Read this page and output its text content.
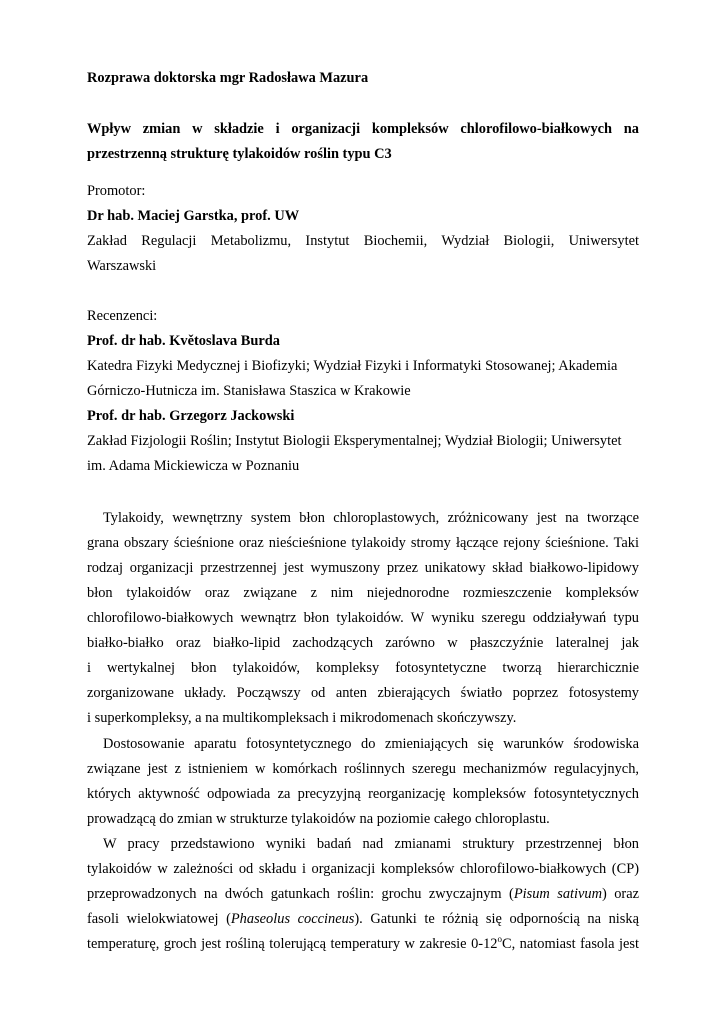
Rozprawa doktorska mgr Radosława Mazura
Wpływ zmian w składzie i organizacji kompleksów chlorofilowo-białkowych na
przestrzenną strukturę tylakoidów roślin typu C3
Promotor:
Dr hab. Maciej Garstka, prof. UW
Zakład Regulacji Metabolizmu, Instytut Biochemii, Wydział Biologii, Uniwersytet
Warszawski
Recenzenci:
Prof. dr hab. Květoslava Burda
Katedra Fizyki Medycznej i Biofizyki; Wydział Fizyki i Informatyki Stosowanej; Akademia
Górniczo-Hutnicza im. Stanisława Staszica w Krakowie
Prof. dr hab. Grzegorz Jackowski
Zakład Fizjologii Roślin; Instytut Biologii Eksperymentalnej; Wydział Biologii; Uniwersytet
im. Adama Mickiewicza w Poznaniu
Tylakoidy, wewnętrzny system błon chloroplastowych, zróżnicowany jest na tworzące
grana obszary ścieśnione oraz nieścieśnione tylakoidy stromy łączące rejony ścieśnione. Taki
rodzaj organizacji przestrzennej jest wymuszony przez unikatowy skład białkowo-lipidowy
błon tylakoidów oraz związane z nim niejednorodne rozmieszczenie kompleksów
chlorofilowo-białkowych wewnątrz błon tylakoidów. W wyniku szeregu oddziaływań typu
białko-białko oraz białko-lipid zachodzących zarówno w płaszczyźnie lateralnej jak
i wertykalnej błon tylakoidów, kompleksy fotosyntetyczne tworzą hierarchicznie
zorganizowane układy. Począwszy od anten zbierających światło poprzez fotosystemy
i superkompleksy, a na multikompleksach i mikrodomenach skończywszy.
Dostosowanie aparatu fotosyntetycznego do zmieniających się warunków środowiska
związane jest z istnieniem w komórkach roślinnych szeregu mechanizmów regulacyjnych,
których aktywność odpowiada za precyzyjną reorganizację kompleksów fotosyntetycznych
prowadzącą do zmian w strukturze tylakoidów na poziomie całego chloroplastu.
W pracy przedstawiono wyniki badań nad zmianami struktury przestrzennej błon
tylakoidów w zależności od składu i organizacji kompleksów chlorofilowo-białkowych (CP)
przeprowadzonych na dwóch gatunkach roślin: grochu zwyczajnym (Pisum sativum) oraz
fasoli wielokwiatowej (Phaseolus coccineus). Gatunki te różnią się odpornością na niską
temperaturę, groch jest rośliną tolerującą temperatury w zakresie 0-12$^o$C, natomiast fasola jest
